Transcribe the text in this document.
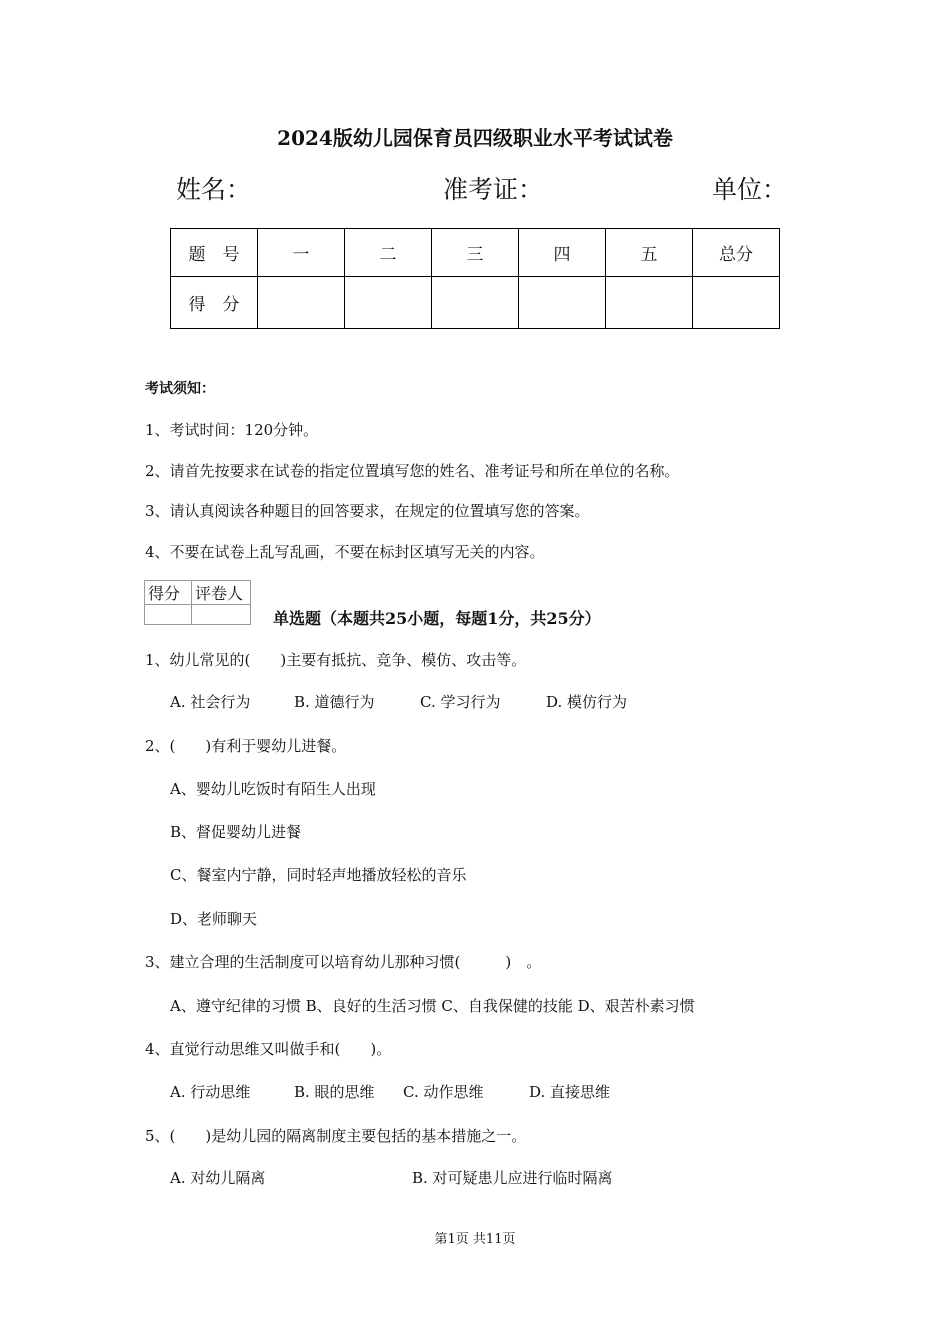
2024版幼儿园保育员四级职业水平考试试卷
姓名：	准考证：	单位：
题　号	一	二	三	四	五	总分
得　分						
考试须知：
1、考试时间：120分钟。
2、请首先按要求在试卷的指定位置填写您的姓名、准考证号和所在单位的名称。
3、请认真阅读各种题目的回答要求，在规定的位置填写您的答案。
4、不要在试卷上乱写乱画，不要在标封区填写无关的内容。
得分	评卷人

单选题（本题共25小题，每题1分，共25分）
1、幼儿常见的(　　)主要有抵抗、竞争、模仿、攻击等。
A. 社会行为	B. 道德行为	C. 学习行为	D. 模仿行为
2、(　　)有利于婴幼儿进餐。
A、婴幼儿吃饭时有陌生人出现
B、督促婴幼儿进餐
C、餐室内宁静，同时轻声地播放轻松的音乐
D、老师聊天
3、建立合理的生活制度可以培育幼儿那种习惯(　　　)　。
A、遵守纪律的习惯 B、良好的生活习惯 C、自我保健的技能 D、艰苦朴素习惯
4、直觉行动思维又叫做手和(　　)。
A. 行动思维	B. 眼的思维 C. 动作思维	D. 直接思维
5、(　　)是幼儿园的隔离制度主要包括的基本措施之一。
A. 对幼儿隔离	B. 对可疑患儿应进行临时隔离
第1页 共11页
